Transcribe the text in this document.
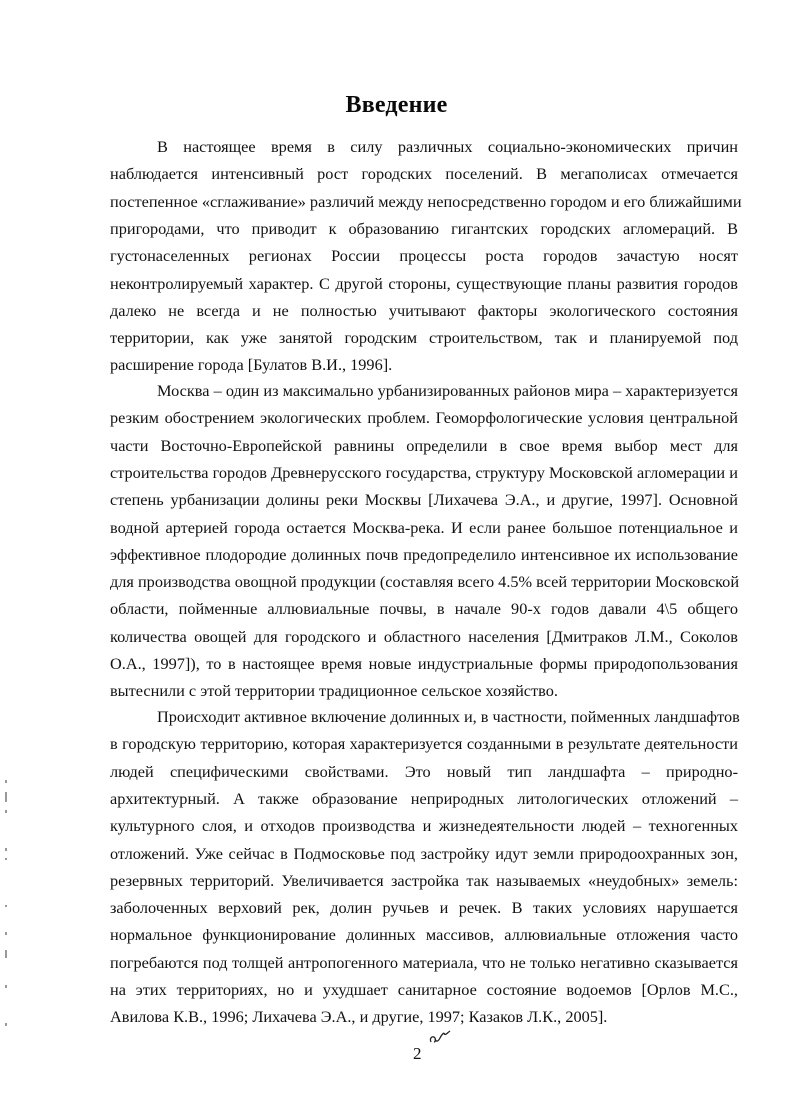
Введение
В настоящее время в силу различных социально-экономических причин
наблюдается интенсивный рост городских поселений. В мегаполисах отмечается
постепенное «сглаживание» различий между непосредственно городом и его ближайшими
пригородами, что приводит к образованию гигантских городских агломераций. В
густонаселенных регионах России процессы роста городов зачастую носят
неконтролируемый характер. С другой стороны, существующие планы развития городов
далеко не всегда и не полностью учитывают факторы экологического состояния
территории, как уже занятой городским строительством, так и планируемой под
расширение города [Булатов В.И., 1996].
Москва – один из максимально урбанизированных районов мира – характеризуется
резким обострением экологических проблем. Геоморфологические условия центральной
части Восточно-Европейской равнины определили в свое время выбор мест для
строительства городов Древнерусского государства, структуру Московской агломерации и
степень урбанизации долины реки Москвы [Лихачева Э.А., и другие, 1997]. Основной
водной артерией города остается Москва-река. И если ранее большое потенциальное и
эффективное плодородие долинных почв предопределило интенсивное их использование
для производства овощной продукции (составляя всего 4.5% всей территории Московской
области, пойменные аллювиальные почвы, в начале 90-х годов давали 4\5 общего
количества овощей для городского и областного населения [Дмитраков Л.М., Соколов
О.А., 1997]), то в настоящее время новые индустриальные формы природопользования
вытеснили с этой территории традиционное сельское хозяйство.
Происходит активное включение долинных и, в частности, пойменных ландшафтов
в городскую территорию, которая характеризуется созданными в результате деятельности
людей специфическими свойствами. Это новый тип ландшафта – природно-
архитектурный. А также образование неприродных литологических отложений –
культурного слоя, и отходов производства и жизнедеятельности людей – техногенных
отложений. Уже сейчас в Подмосковье под застройку идут земли природоохранных зон,
резервных территорий. Увеличивается застройка так называемых «неудобных» земель:
заболоченных верховий рек, долин ручьев и речек. В таких условиях нарушается
нормальное функционирование долинных массивов, аллювиальные отложения часто
погребаются под толщей антропогенного материала, что не только негативно сказывается
на этих территориях, но и ухудшает санитарное состояние водоемов [Орлов М.С.,
Авилова К.В., 1996; Лихачева Э.А., и другие, 1997; Казаков Л.К., 2005].
2
